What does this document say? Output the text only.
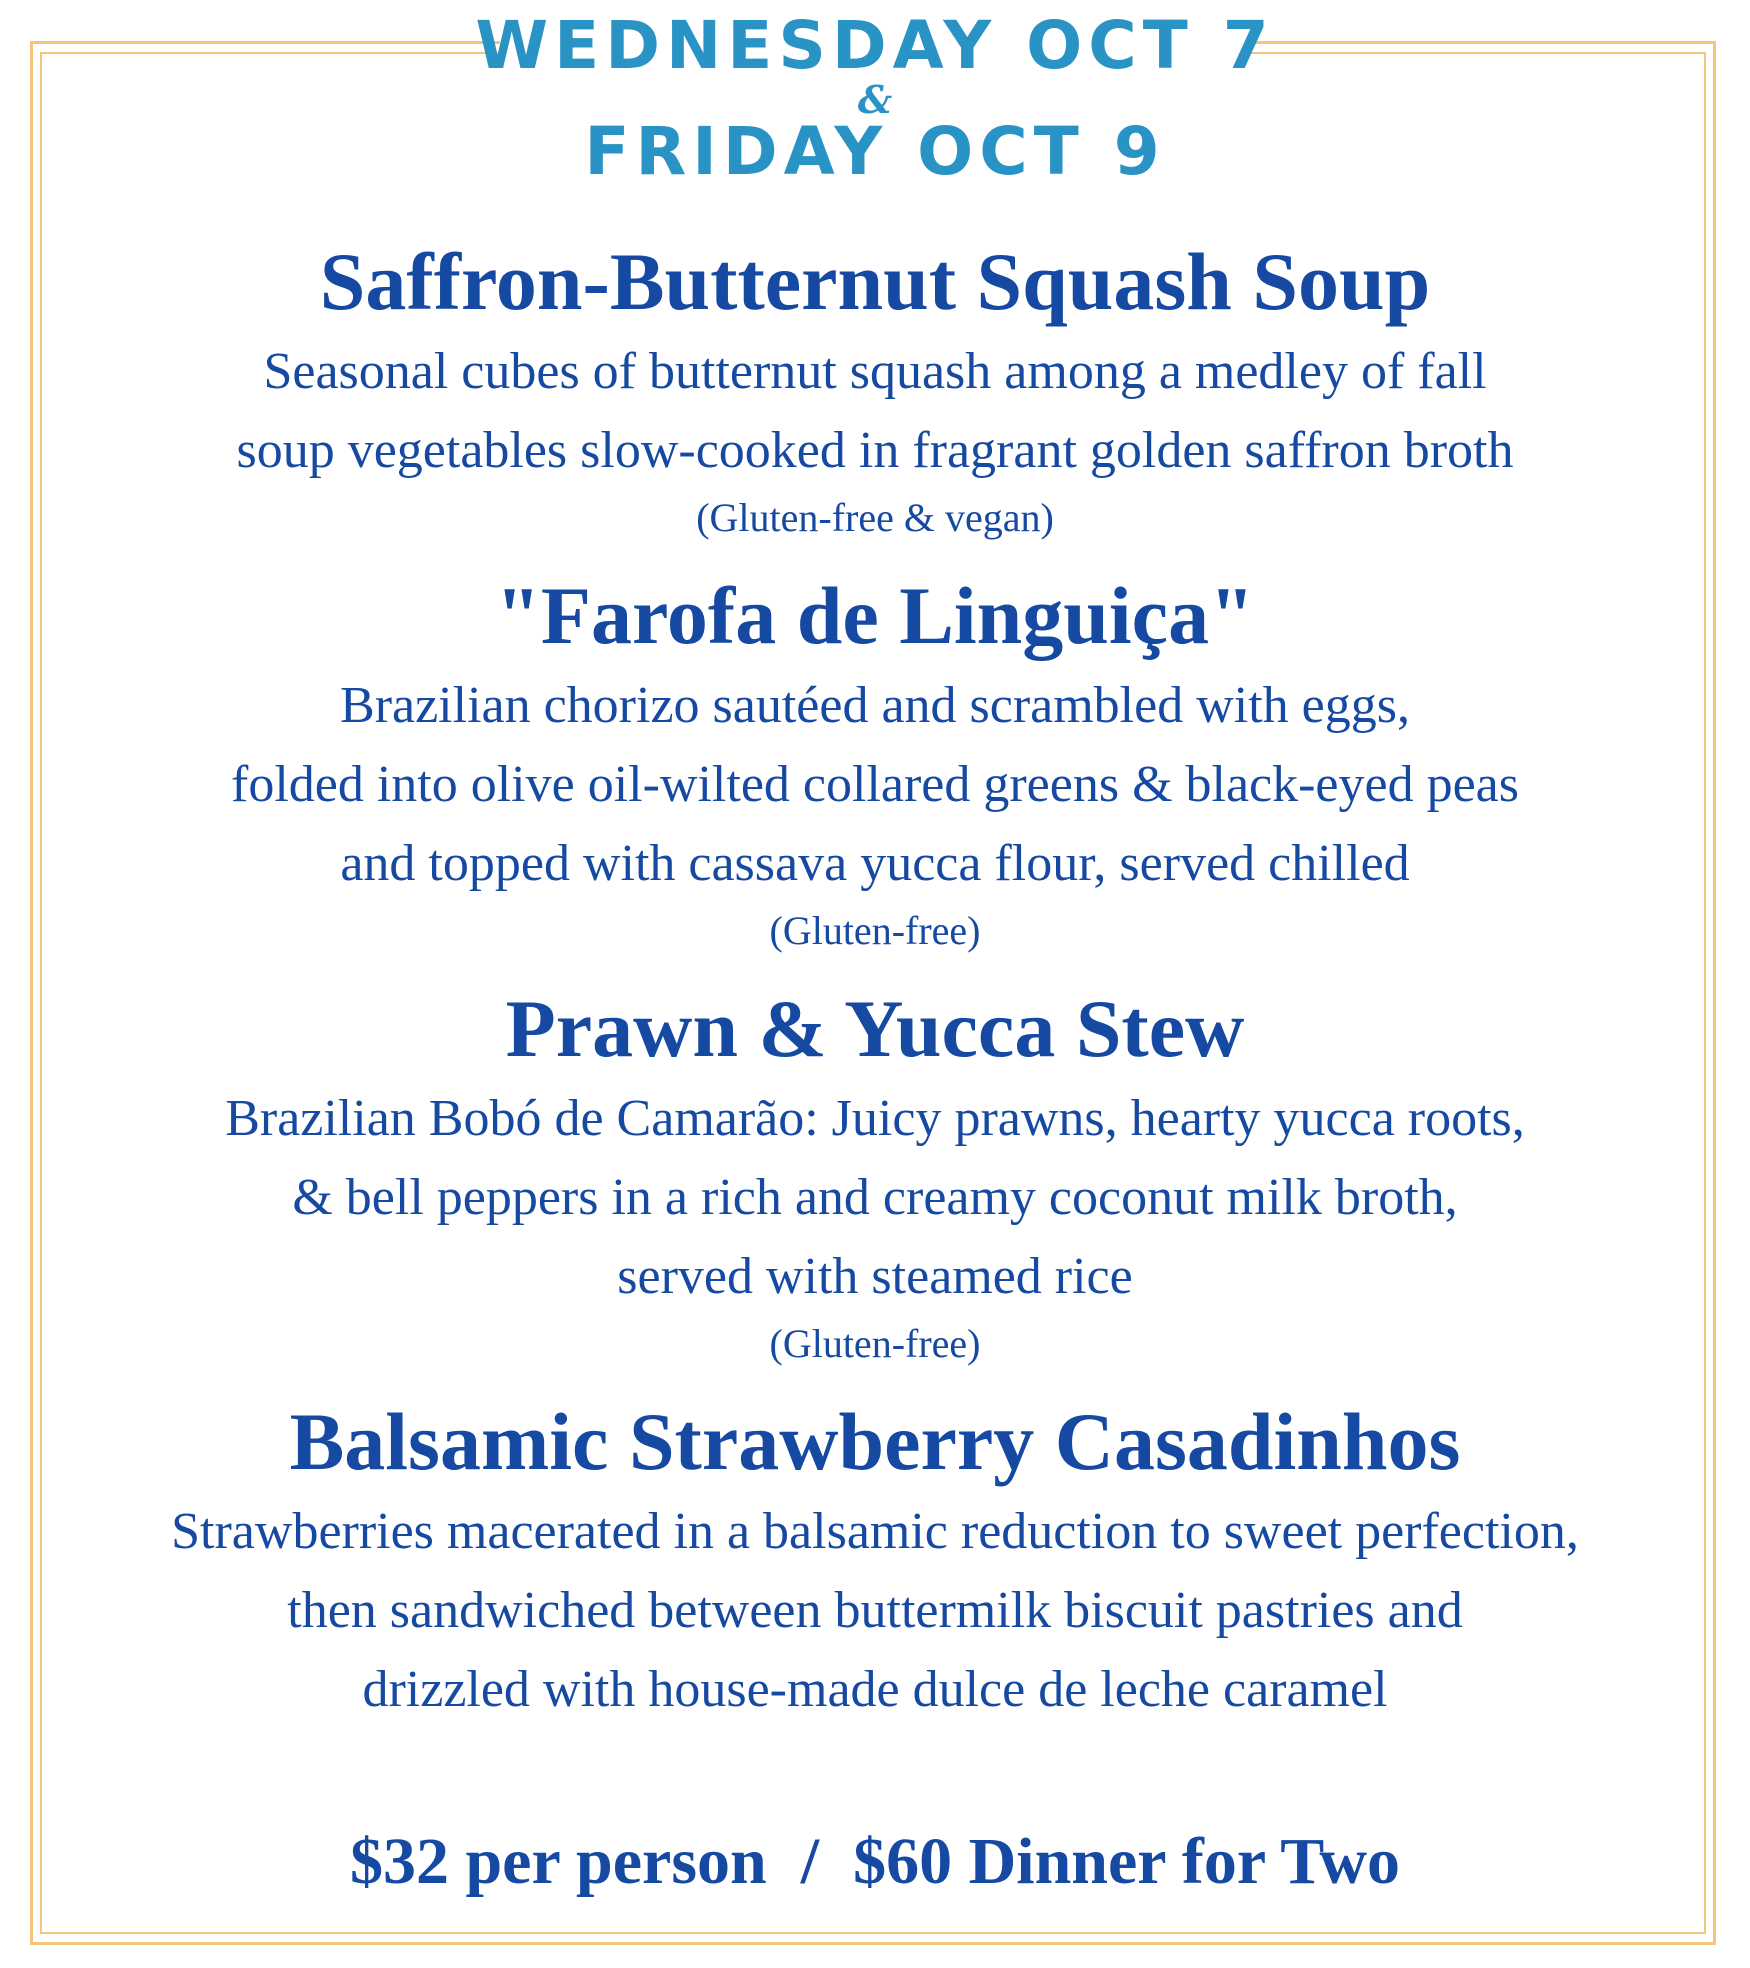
WEDNESDAY OCT 7
&
FRIDAY OCT 9
Saffron-Butternut Squash Soup

Seasonal cubes of butternut squash among a medley of fall

soup vegetables slow-cooked in fragrant golden saffron broth

(Gluten-free & vegan)

"Farofa de Linguiça"

Brazilian chorizo sautéed and scrambled with eggs,

folded into olive oil-wilted collared greens & black-eyed peas

and topped with cassava yucca flour, served chilled

(Gluten-free)

Prawn & Yucca Stew

Brazilian Bobó de Camarão: Juicy prawns, hearty yucca roots,

& bell peppers in a rich and creamy coconut milk broth,

served with steamed rice

(Gluten-free)

Balsamic Strawberry Casadinhos

Strawberries macerated in a balsamic reduction to sweet perfection,

then sandwiched between buttermilk biscuit pastries and

drizzled with house-made dulce de leche caramel

$32 per person / $60 Dinner for Two
